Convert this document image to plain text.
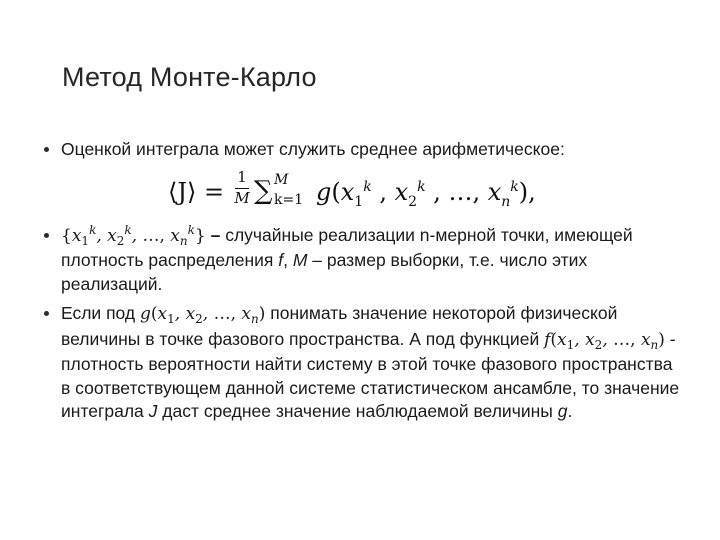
Метод Монте-Карло
Оценкой интеграла может служить среднее арифметическое:
⟨J⟩ =
1
M ∑ M
k=1 $g(x_1^k$ , $x_2^k$ , …, $x_n^k$),
{$x_1^k$, $x_2^k$, …, $x_n^k$} – случайные реализации n-мерной точки, имеющей плотность распределения f, M – размер выборки, т.е. число этих реализаций.
Если под $g(x_1$, $x_2$, …, $x_n$) понимать значение некоторой физической величины в точке фазового пространства. А под функцией $f(x_1$, $x_2$, …, $x_n$) - плотность вероятности найти систему в этой точке фазового пространства в соответствующем данной системе статистическом ансамбле, то значение интеграла J даст среднее значение наблюдаемой величины g.
